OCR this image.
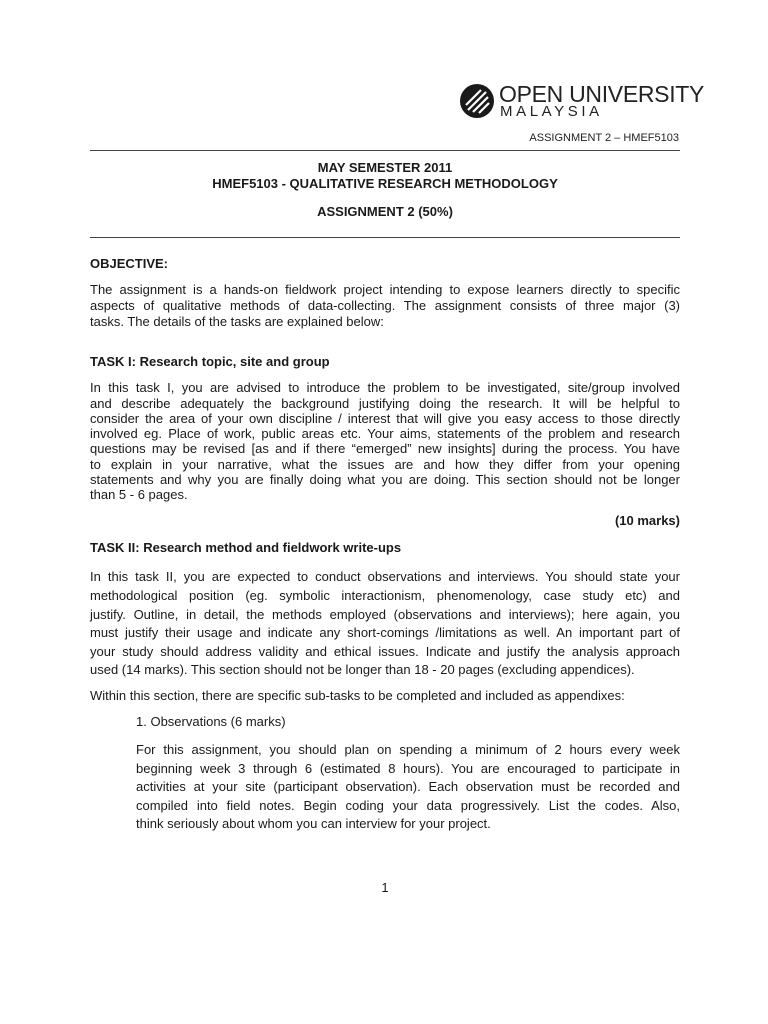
OPEN UNIVERSITY
MALAYSIA
ASSIGNMENT 2 – HMEF5103
MAY SEMESTER 2011
HMEF5103 - QUALITATIVE RESEARCH METHODOLOGY
ASSIGNMENT 2 (50%)
OBJECTIVE:
The assignment is a hands-on fieldwork project intending to expose learners directly to specific
aspects of qualitative methods of data-collecting. The assignment consists of three major (3)
tasks. The details of the tasks are explained below:
TASK I: Research topic, site and group
In this task I, you are advised to introduce the problem to be investigated, site/group involved
and describe adequately the background justifying doing the research. It will be helpful to
consider the area of your own discipline / interest that will give you easy access to those directly
involved eg. Place of work, public areas etc. Your aims, statements of the problem and research
questions may be revised [as and if there “emerged” new insights] during the process. You have
to explain in your narrative, what the issues are and how they differ from your opening
statements and why you are finally doing what you are doing. This section should not be longer
than 5 - 6 pages.
(10 marks)
TASK II: Research method and fieldwork write-ups
In this task II, you are expected to conduct observations and interviews. You should state your
methodological position (eg. symbolic interactionism, phenomenology, case study etc) and
justify. Outline, in detail, the methods employed (observations and interviews); here again, you
must justify their usage and indicate any short-comings /limitations as well. An important part of
your study should address validity and ethical issues. Indicate and justify the analysis approach
used (14 marks). This section should not be longer than 18 - 20 pages (excluding appendices).
Within this section, there are specific sub-tasks to be completed and included as appendixes:
1. Observations (6 marks)
For this assignment, you should plan on spending a minimum of 2 hours every week
beginning week 3 through 6 (estimated 8 hours). You are encouraged to participate in
activities at your site (participant observation). Each observation must be recorded and
compiled into field notes. Begin coding your data progressively. List the codes. Also,
think seriously about whom you can interview for your project.
1
